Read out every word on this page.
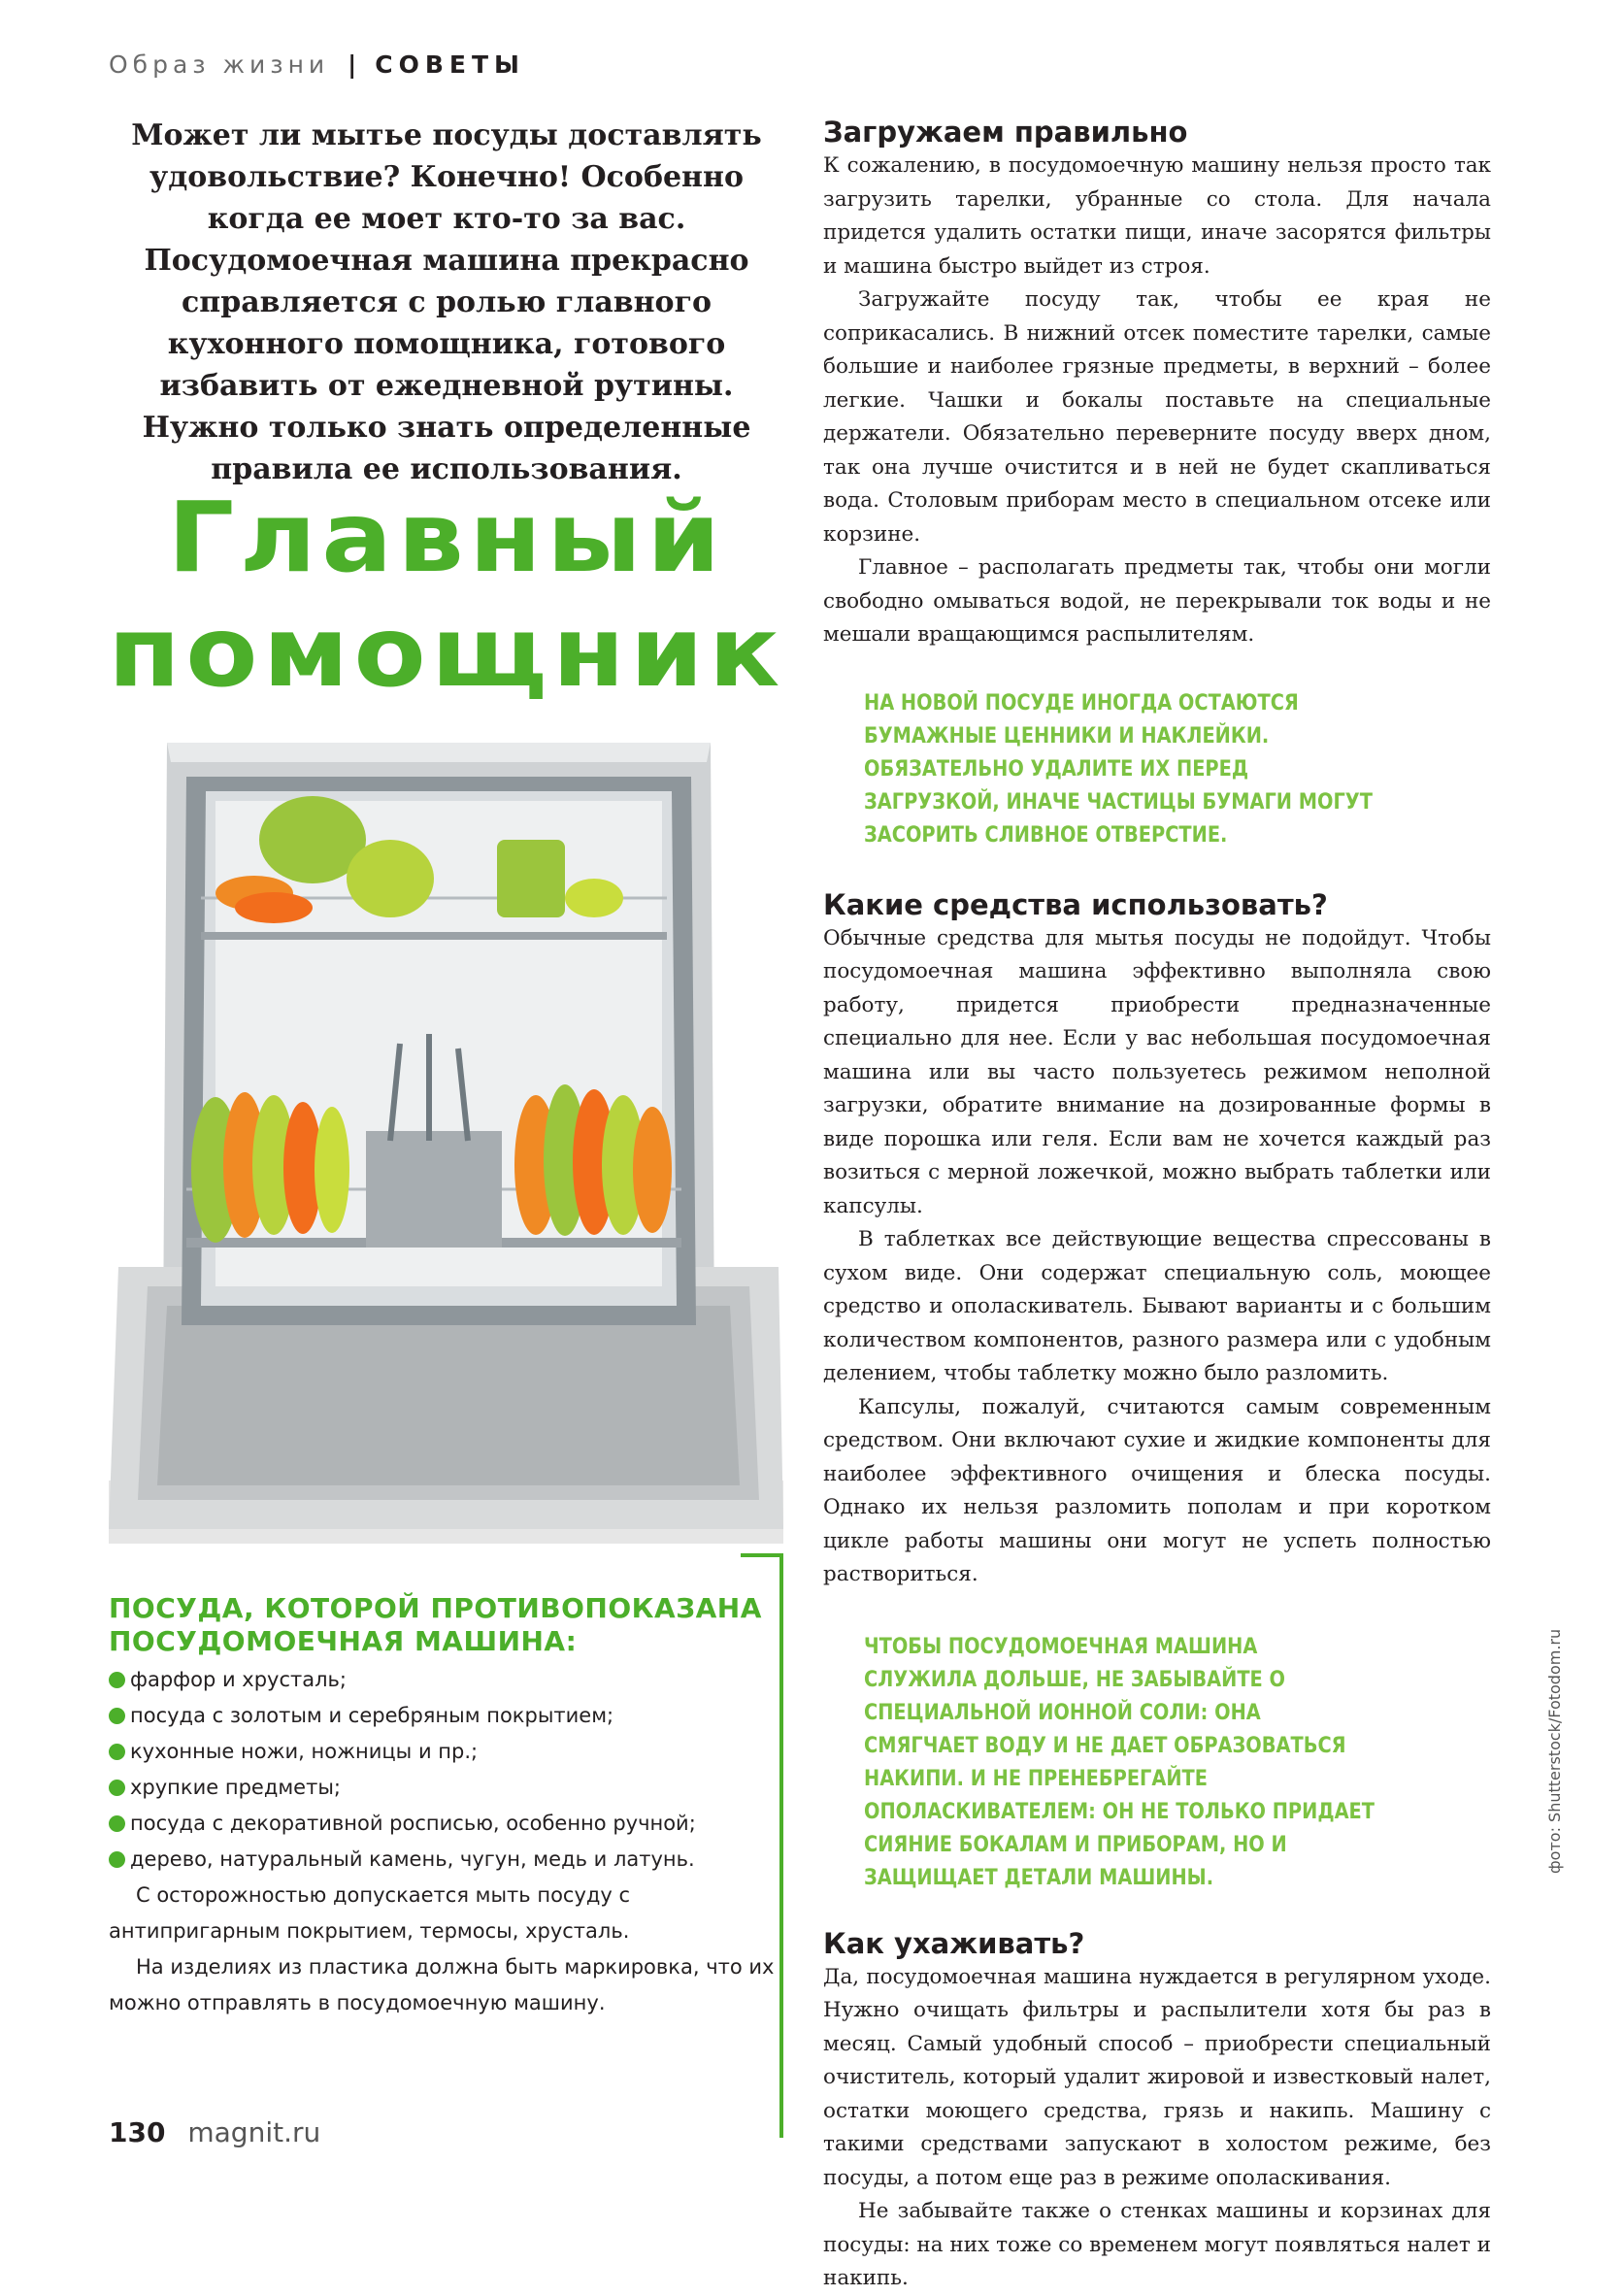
Образ жизни | СОВЕТЫ
Может ли мытье посуды доставлять удовольствие? Конечно! Особенно когда ее моет кто-то за вас. Посудомоечная машина прекрасно справляется с ролью главного кухонного помощника, готового избавить от ежедневной рутины. Нужно только знать определенные правила ее использования.
Главный
помощник
ПОСУДА, КОТОРОЙ ПРОТИВОПОКАЗАНА ПОСУДОМОЕЧНАЯ МАШИНА:
фарфор и хрусталь;
посуда с золотым и серебряным покрытием;
кухонные ножи, ножницы и пр.;
хрупкие предметы;
посуда с декоративной росписью, особенно ручной;
дерево, натуральный камень, чугун, медь и латунь.

С осторожностью допускается мыть посуду с антипригарным покрытием, термосы, хрусталь.

На изделиях из пластика должна быть маркировка, что их можно отправлять в посудомоечную машину.

Загружаем правильно

К сожалению, в посудомоечную машину нельзя просто так загрузить тарелки, убранные со стола. Для начала придется удалить остатки пищи, иначе засорятся фильтры и машина быстро выйдет из строя.

Загружайте посуду так, чтобы ее края не соприкасались. В нижний отсек поместите тарелки, самые большие и наиболее грязные предметы, в верхний – более легкие. Чашки и бокалы поставьте на специальные держатели. Обязательно переверните посуду вверх дном, так она лучше очистится и в ней не будет скапливаться вода. Столовым приборам место в специальном отсеке или корзине.

Главное – располагать предметы так, чтобы они могли свободно омываться водой, не перекрывали ток воды и не мешали вращающимся распылителям.

НА НОВОЙ ПОСУДЕ ИНОГДА ОСТАЮТСЯ БУМАЖНЫЕ ЦЕННИКИ И НАКЛЕЙКИ. ОБЯЗАТЕЛЬНО УДАЛИТЕ ИХ ПЕРЕД ЗАГРУЗКОЙ, ИНАЧЕ ЧАСТИЦЫ БУМАГИ МОГУТ ЗАСОРИТЬ СЛИВНОЕ ОТВЕРСТИЕ.

Какие средства использовать?

Обычные средства для мытья посуды не подойдут. Чтобы посудомоечная машина эффективно выполняла свою работу, придется приобрести предназначенные специально для нее. Если у вас небольшая посудомоечная машина или вы часто пользуетесь режимом неполной загрузки, обратите внимание на дозированные формы в виде порошка или геля. Если вам не хочется каждый раз возиться с мерной ложечкой, можно выбрать таблетки или капсулы.

В таблетках все действующие вещества спрессованы в сухом виде. Они содержат специальную соль, моющее средство и ополаскиватель. Бывают варианты и с большим количеством компонентов, разного размера или с удобным делением, чтобы таблетку можно было разломить.

Капсулы, пожалуй, считаются самым современным средством. Они включают сухие и жидкие компоненты для наиболее эффективного очищения и блеска посуды. Однако их нельзя разломить пополам и при коротком цикле работы машины они могут не успеть полностью раствориться.

ЧТОБЫ ПОСУДОМОЕЧНАЯ МАШИНА СЛУЖИЛА ДОЛЬШЕ, НЕ ЗАБЫВАЙТЕ О СПЕЦИАЛЬНОЙ ИОННОЙ СОЛИ: ОНА СМЯГЧАЕТ ВОДУ И НЕ ДАЕТ ОБРАЗОВАТЬСЯ НАКИПИ. И НЕ ПРЕНЕБРЕГАЙТЕ ОПОЛАСКИВАТЕЛЕМ: ОН НЕ ТОЛЬКО ПРИДАЕТ СИЯНИЕ БОКАЛАМ И ПРИБОРАМ, НО И ЗАЩИЩАЕТ ДЕТАЛИ МАШИНЫ.

Как ухаживать?

Да, посудомоечная машина нуждается в регулярном уходе. Нужно очищать фильтры и распылители хотя бы раз в месяц. Самый удобный способ – приобрести специальный очиститель, который удалит жировой и известковый налет, остатки моющего средства, грязь и накипь. Машину с такими средствами запускают в холостом режиме, без посуды, а потом еще раз в режиме ополаскивания.

Не забывайте также о стенках машины и корзинах для посуды: на них тоже со временем могут появляться налет и накипь.

130 magnit.ru
фото: Shutterstock/Fotodom.ru
